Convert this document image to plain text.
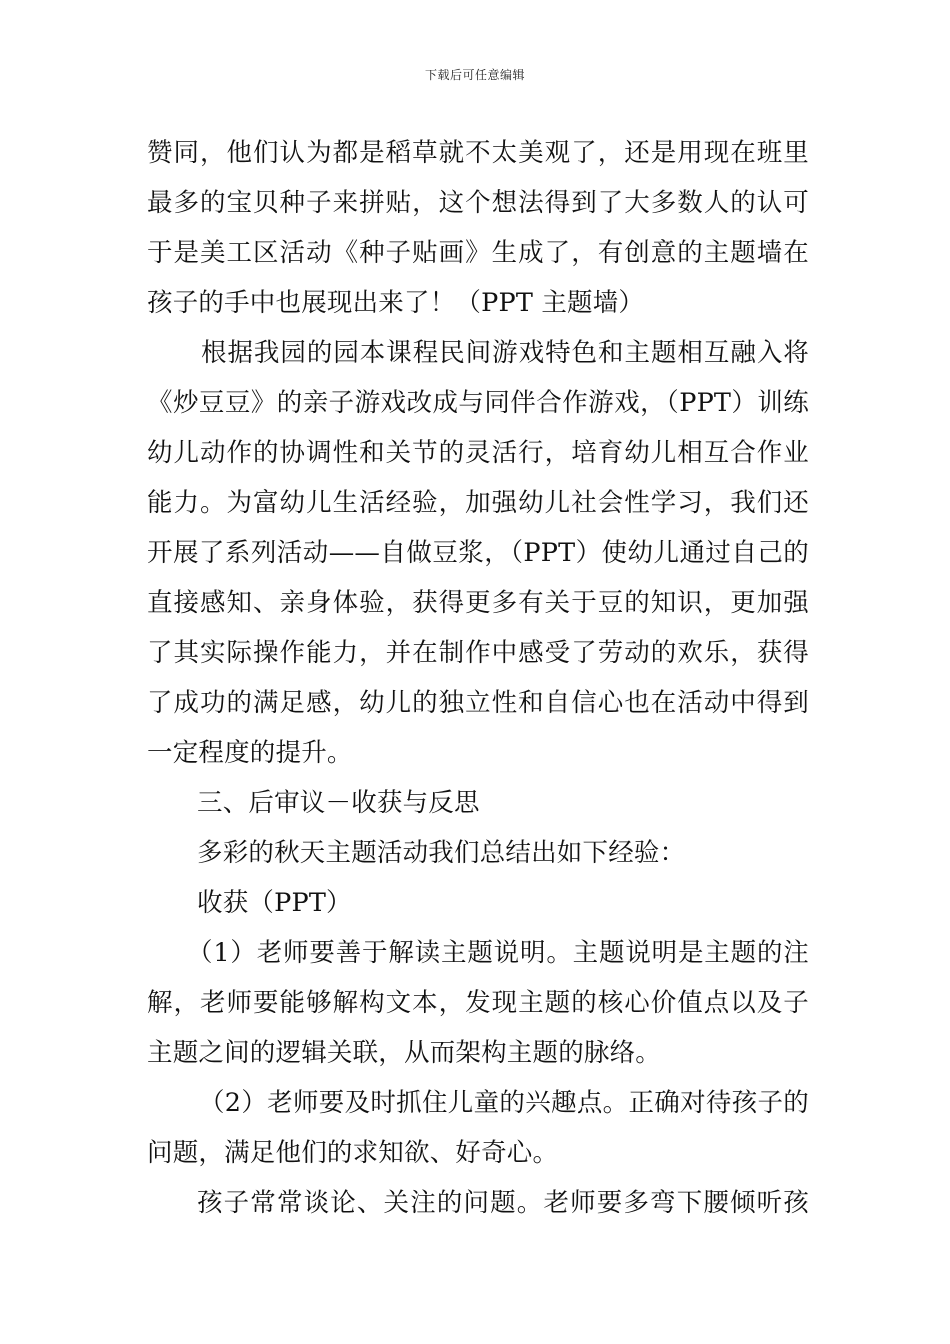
下载后可任意编辑
赞同，他们认为都是稻草就不太美观了，还是用现在班里
最多的宝贝种子来拼贴，这个想法得到了大多数人的认可
于是美工区活动《种子贴画》生成了，有创意的主题墙在
孩子的手中也展现出来了！（PPT 主题墙）
根据我园的园本课程民间游戏特色和主题相互融入将
《炒豆豆》的亲子游戏改成与同伴合作游戏，（PPT）训练
幼儿动作的协调性和关节的灵活行，培育幼儿相互合作业
能力。为富幼儿生活经验，加强幼儿社会性学习，我们还
开展了系列活动——自做豆浆，（PPT）使幼儿通过自己的
直接感知、亲身体验，获得更多有关于豆的知识，更加强
了其实际操作能力，并在制作中感受了劳动的欢乐，获得
了成功的满足感，幼儿的独立性和自信心也在活动中得到
一定程度的提升。
三、后审议－收获与反思
多彩的秋天主题活动我们总结出如下经验：
收获（PPT）
（1）老师要善于解读主题说明。主题说明是主题的注
解，老师要能够解构文本，发现主题的核心价值点以及子
主题之间的逻辑关联，从而架构主题的脉络。
（2）老师要及时抓住儿童的兴趣点。正确对待孩子的
问题，满足他们的求知欲、好奇心。
孩子常常谈论、关注的问题。老师要多弯下腰倾听孩
